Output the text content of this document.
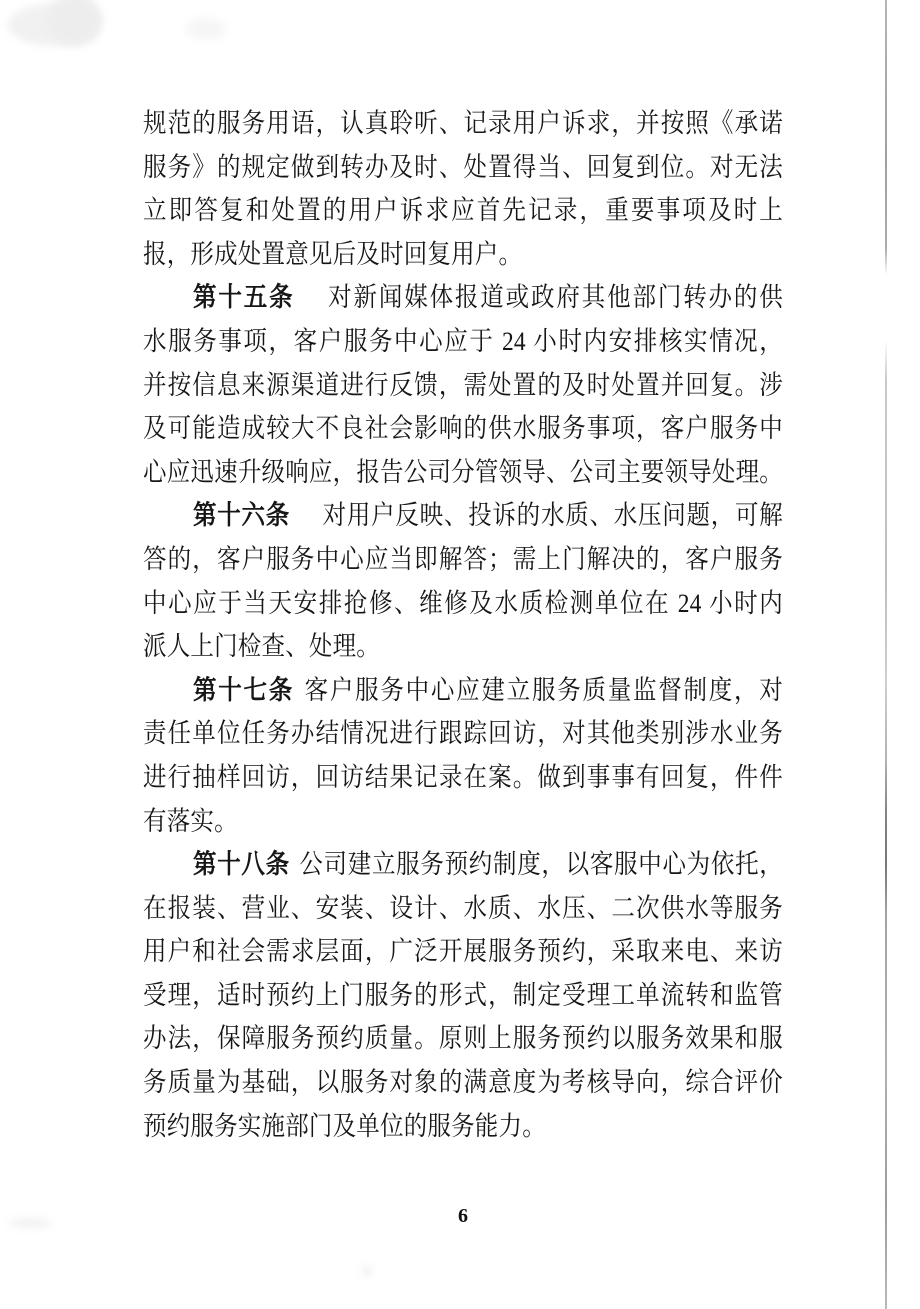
规范的服务用语，认真聆听、记录用户诉求，并按照《承诺
服务》的规定做到转办及时、处置得当、回复到位。对无法
立即答复和处置的用户诉求应首先记录，重要事项及时上
报，形成处置意见后及时回复用户。
第十五条 对新闻媒体报道或政府其他部门转办的供
水服务事项，客户服务中心应于 24 小时内安排核实情况，
并按信息来源渠道进行反馈，需处置的及时处置并回复。涉
及可能造成较大不良社会影响的供水服务事项，客户服务中
心应迅速升级响应，报告公司分管领导、公司主要领导处理。
第十六条 对用户反映、投诉的水质、水压问题，可解
答的，客户服务中心应当即解答；需上门解决的，客户服务
中心应于当天安排抢修、维修及水质检测单位在 24 小时内
派人上门检查、处理。
第十七条 客户服务中心应建立服务质量监督制度，对
责任单位任务办结情况进行跟踪回访，对其他类别涉水业务
进行抽样回访，回访结果记录在案。做到事事有回复，件件
有落实。
第十八条 公司建立服务预约制度，以客服中心为依托，
在报装、营业、安装、设计、水质、水压、二次供水等服务
用户和社会需求层面，广泛开展服务预约，采取来电、来访
受理，适时预约上门服务的形式，制定受理工单流转和监管
办法，保障服务预约质量。原则上服务预约以服务效果和服
务质量为基础，以服务对象的满意度为考核导向，综合评价
预约服务实施部门及单位的服务能力。
6
